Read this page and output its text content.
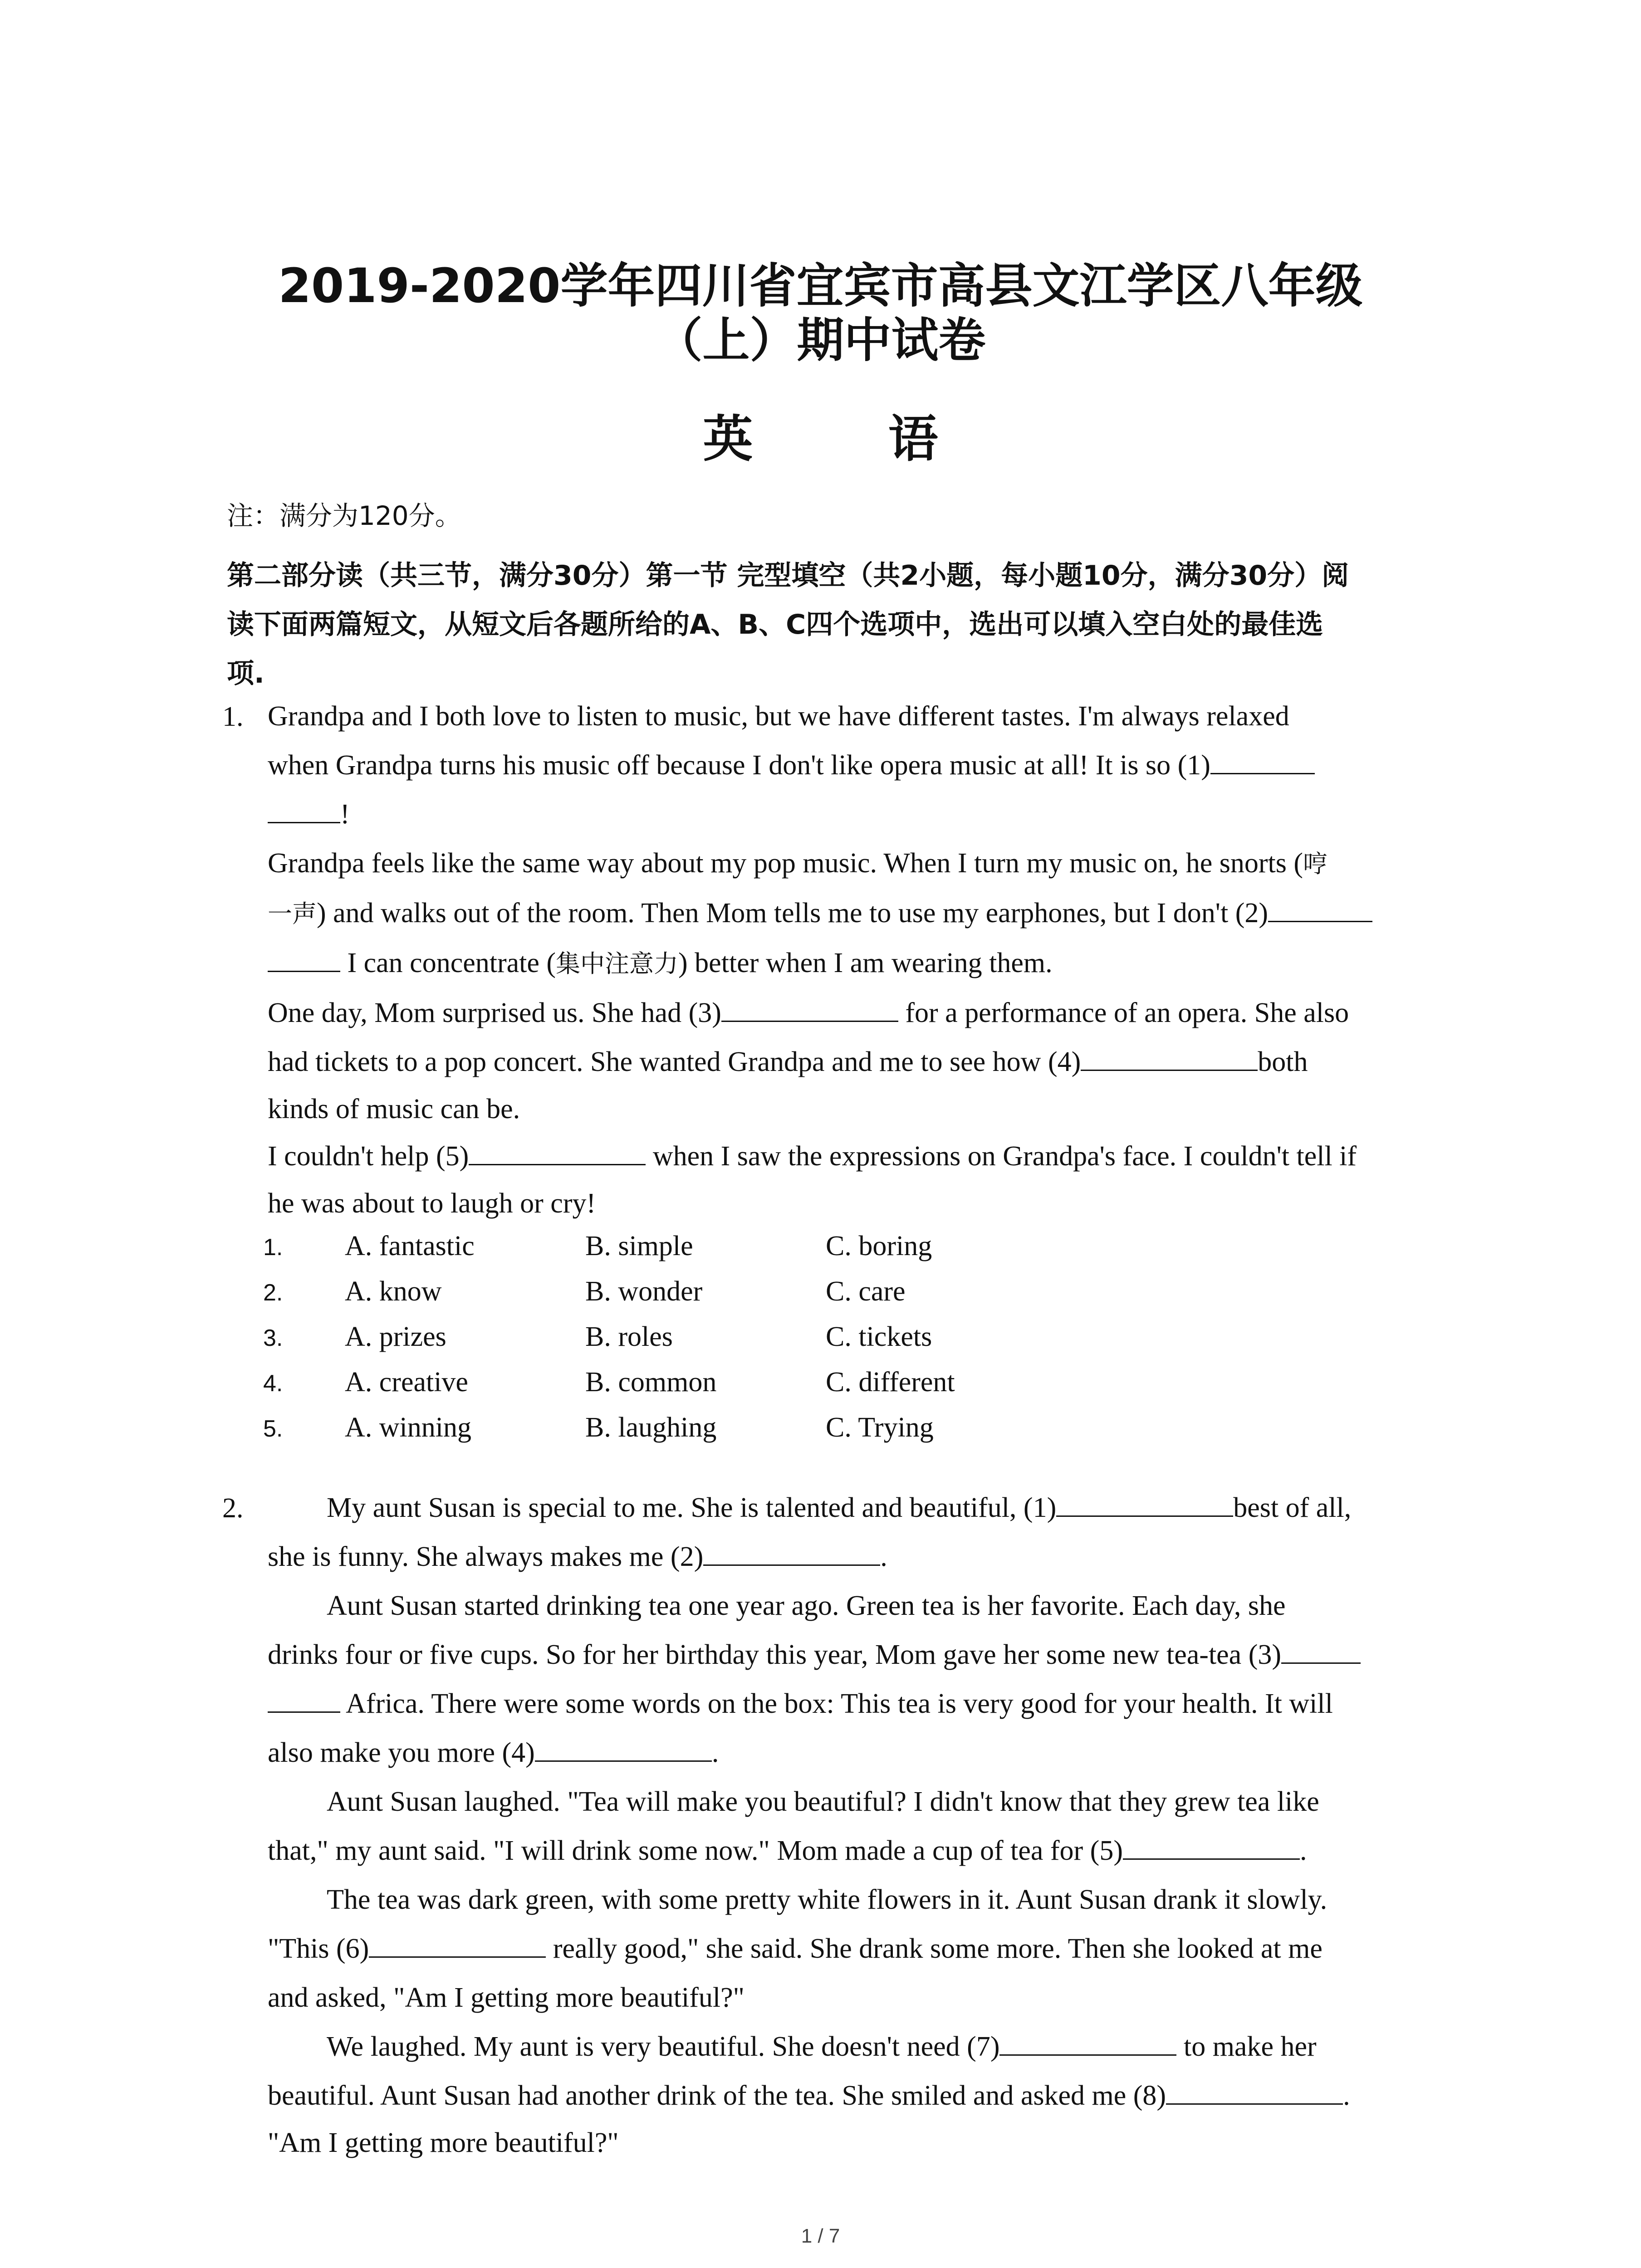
2019-2020学年四川省宜宾市高县文江学区八年级
（上）期中试卷
英 语
注：满分为120分。
第二部分读（共三节，满分30分）第一节 完型填空（共2小题，每小题10分，满分30分）阅
读下面两篇短文，从短文后各题所给的A、B、C四个选项中，选出可以填入空白处的最佳选
项.
1. Grandpa and I both love to listen to music, but we have different tastes. I'm always relaxed
when Grandpa turns his music off because I don't like opera music at all! It is so (1)
!
Grandpa feels like the same way about my pop music. When I turn my music on, he snorts (哼
一声) and walks out of the room. Then Mom tells me to use my earphones, but I don't (2)
I can concentrate (集中注意力) better when I am wearing them.
One day, Mom surprised us. She had (3)	for a performance of an opera. She also
had tickets to a pop concert. She wanted Grandpa and me to see how (4)	both
kinds of music can be.
I couldn't help (5)	when I saw the expressions on Grandpa's face. I couldn't tell if
he was about to laugh or cry!
1. A. fantastic	B. simple	C. boring
2. A. know	B. wonder	C. care
3. A. prizes	B. roles	C. tickets
4. A. creative	B. common	C. different
5. A. winning	B. laughing	C. Trying
2.	My aunt Susan is special to me. She is talented and beautiful, (1)	best of all,
she is funny. She always makes me (2)	.
Aunt Susan started drinking tea one year ago. Green tea is her favorite. Each day, she
drinks four or five cups. So for her birthday this year, Mom gave her some new tea-tea (3)
Africa. There were some words on the box: This tea is very good for your health. It will
also make you more (4)	.
Aunt Susan laughed. "Tea will make you beautiful? I didn't know that they grew tea like
that," my aunt said. "I will drink some now." Mom made a cup of tea for (5)	.
The tea was dark green, with some pretty white flowers in it. Aunt Susan drank it slowly.
"This (6)	really good," she said. She drank some more. Then she looked at me
and asked, "Am I getting more beautiful?"
We laughed. My aunt is very beautiful. She doesn't need (7)	to make her
beautiful. Aunt Susan had another drink of the tea. She smiled and asked me (8)	.
"Am I getting more beautiful?"
1 / 7
